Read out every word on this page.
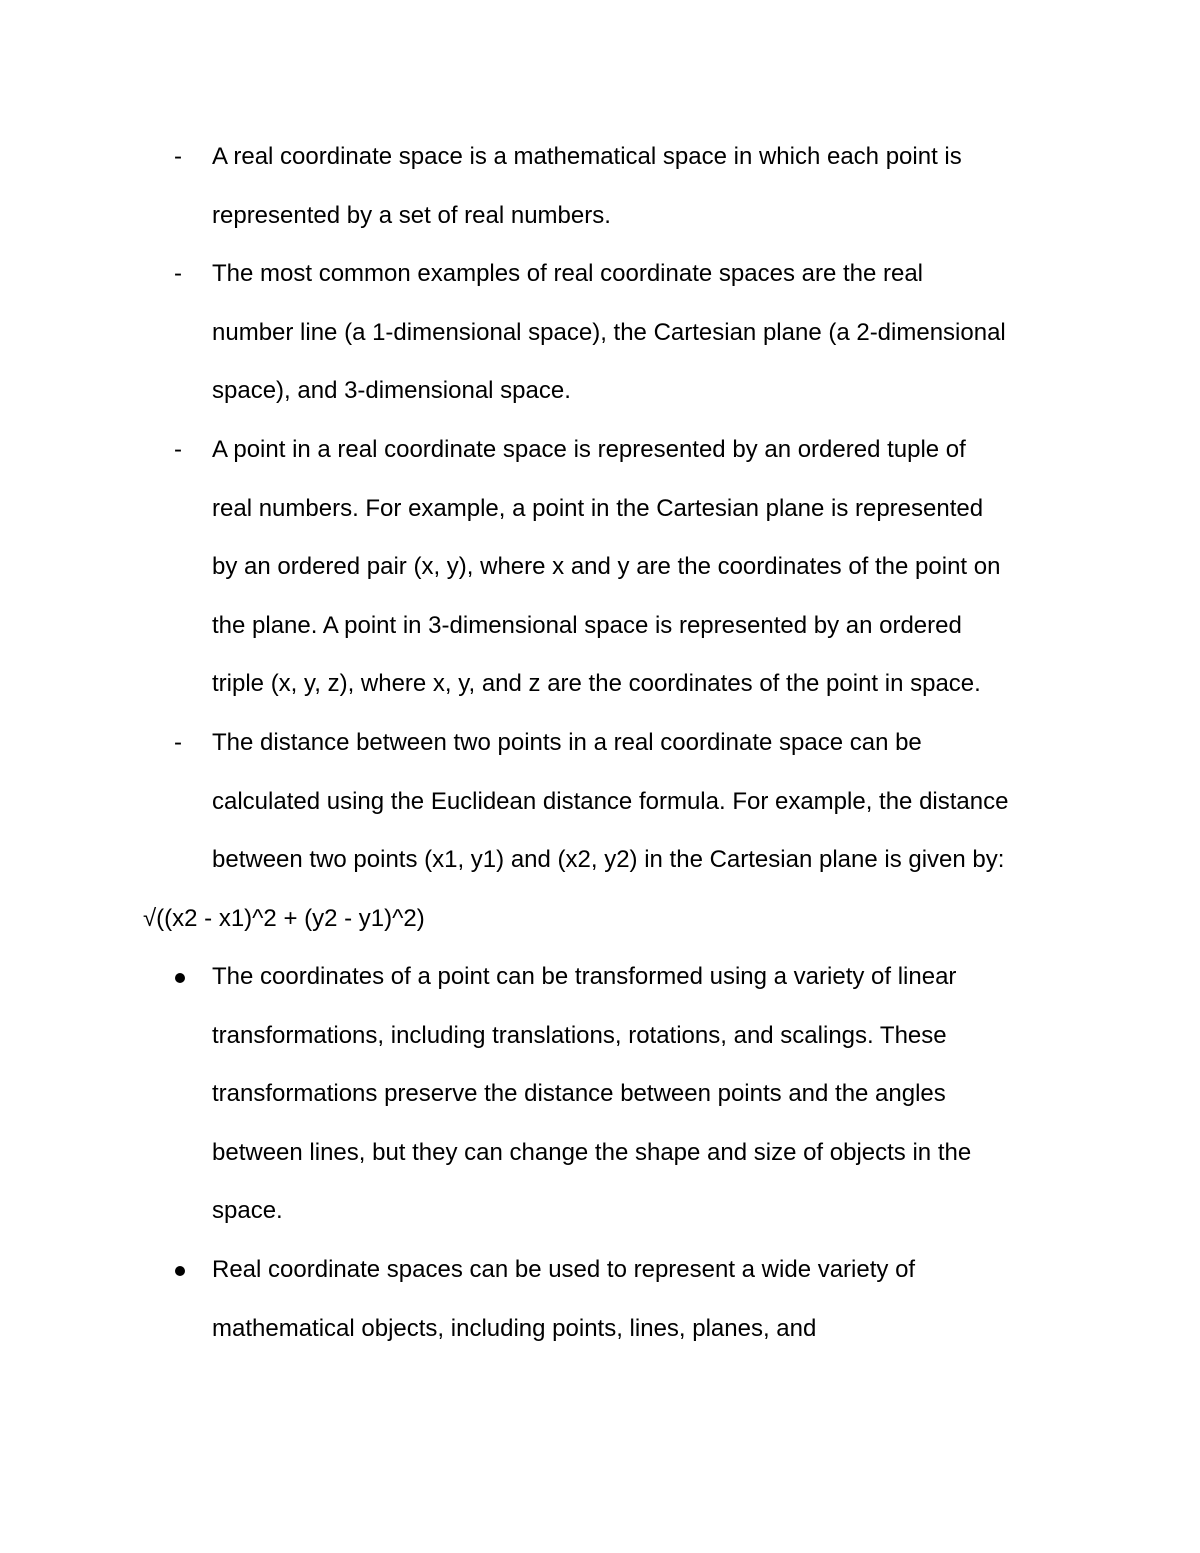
- A real coordinate space is a mathematical space in which each point is
represented by a set of real numbers.
- The most common examples of real coordinate spaces are the real
number line (a 1-dimensional space), the Cartesian plane (a 2-dimensional
space), and 3-dimensional space.
- A point in a real coordinate space is represented by an ordered tuple of
real numbers. For example, a point in the Cartesian plane is represented
by an ordered pair (x, y), where x and y are the coordinates of the point on
the plane. A point in 3-dimensional space is represented by an ordered
triple (x, y, z), where x, y, and z are the coordinates of the point in space.
- The distance between two points in a real coordinate space can be
calculated using the Euclidean distance formula. For example, the distance
between two points (x1, y1) and (x2, y2) in the Cartesian plane is given by:
√((x2 - x1)^2 + (y2 - y1)^2)
The coordinates of a point can be transformed using a variety of linear
transformations, including translations, rotations, and scalings. These
transformations preserve the distance between points and the angles
between lines, but they can change the shape and size of objects in the
space.
Real coordinate spaces can be used to represent a wide variety of
mathematical objects, including points, lines, planes, and
